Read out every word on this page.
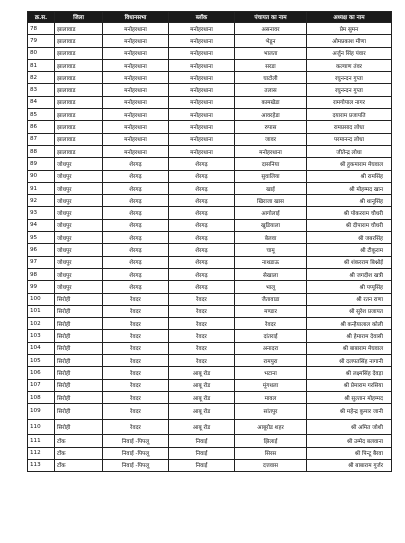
क्र.स.	जिला	विधानसभा	ब्लॉक	पंचायत का नाम	अध्यक्ष का नाम
78	झालावाड	मनोहरथाना	मनोहरथाना	असनावर	प्रेम सुमन
79	झालावाड	मनोहरथाना	मनोहरथाना	भेडून	ओमप्रकाश मीणा
80	झालावाड	मनोहरथाना	मनोहरथाना	भालता	अर्जुन सिंह पंवार
81	झालावाड	मनोहरथाना	मनोहरथाना	सरडा	कल्याण तंवर
82	झालावाड	मनोहरथाना	मनोहरथाना	घाटोली	रघुनन्दन गुप्ता
83	झालावाड	मनोहरथाना	मनोहरथाना	तलास	रघुनन्दन गुप्ता
84	झालावाड	मनोहरथाना	मनोहरथाना	कामखेडा	रामगोपाल नागर
85	झालावाड	मनोहरथाना	मनोहरथाना	आवरहेडा	दयाराम प्रजापति
86	झालावाड	मनोहरथाना	मनोहरथाना	रुपास	रामप्रसाद लोधा
87	झालावाड	मनोहरथाना	मनोहरथाना	जावर	परमानन्द लोधा
88	झालावाड	मनोहरथाना	मनोहरथाना	मनोहरथाना	जीतेन्द्र लोधा
89	जोधपुर	शेरगढ़	शेरगढ़	दासनिया	श्री हुकमाराम मेघवाल
90	जोधपुर	शेरगढ़	शेरगढ़	सुवालिया	श्री रामसिंह
91	जोधपुर	शेरगढ़	शेरगढ़	खाई	श्री मोहम्मद खान
92	जोधपुर	शेरगढ़	शेरगढ़	खिराजा खास	श्री थानूसिंह
93	जोधपुर	शेरगढ़	शेरगढ़	आगोलाई	श्री पोकरराम चौधरी
94	जोधपुर	शेरगढ़	शेरगढ़	खुडियाला	श्री दीपाराम चौधरी
95	जोधपुर	शेरगढ़	शेरगढ़	बेलवा	श्री जबरसिंह
96	जोधपुर	शेरगढ़	शेरगढ़	चामू	श्री टीकूराम
97	जोधपुर	शेरगढ़	शेरगढ़	नाथडाऊ	श्री शंकरराम बिश्नोई
98	जोधपुर	शेरगढ़	शेरगढ़	सेखाला	श्री जगदीश खत्री
99	जोधपुर	शेरगढ़	शेरगढ़	भालू	श्री पप्पूसिंह
100	सिरोही	रेवदर	रेवदर	जैतावाडा	श्री रतन राणा
101	सिरोही	रेवदर	रेवदर	मण्डार	श्री सुरेश प्रजापत
102	सिरोही	रेवदर	रेवदर	रेवदर	श्री कन्हैयालाल कोली
103	सिरोही	रेवदर	रेवदर	दांतराई	श्री हेमाराम देवासी
104	सिरोही	रेवदर	रेवदर	अनादरा	श्री बाबाराम मेघवाल
105	सिरोही	रेवदर	रेवदर	रामपुरा	श्री दलपतसिंह नागानी
106	सिरोही	रेवदर	आबू रोड	भटाना	श्री लक्ष्मसिंह देवड़ा
107	सिरोही	रेवदर	आबू रोड	मूंगथला	श्री प्रेमाराम गरसिया
108	सिरोही	रेवदर	आबू रोड	मावल	श्री सुल्तान मोहम्मद
109	सिरोही	रेवदर	आबू रोड	सांतपुर	श्री महेन्द्र कुमार जानी
110	सिरोही	रेवदर	आबू रोड	आबूरोड शहर	श्री अमित जोशी
111	टोंक	निवाई -पिपलू	निवाई	झिलाई	श्री उम्मेद बलवाना
112	टोंक	निवाई -पिपलू	निवाई	सिरस	श्री पिन्टू बैरवा
113	टोंक	निवाई -पिपलू	निवाई	दत्तवास	श्री बाबाराम गुर्जर
